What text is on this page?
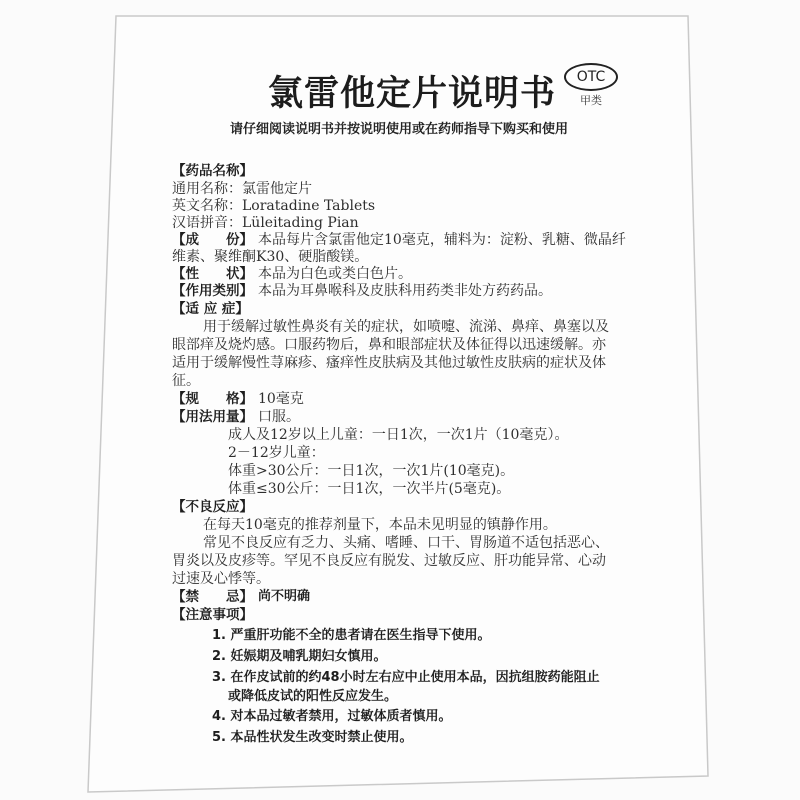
氯雷他定片说明书	OTC
甲类
请仔细阅读说明书并按说明使用或在药师指导下购买和使用
【药品名称】
通用名称：氯雷他定片
英文名称：Loratadine Tablets
汉语拼音：Lüleitading Pian
【成　　份】 本品每片含氯雷他定10毫克，辅料为：淀粉、乳糖、微晶纤
维素、聚维酮K30、硬脂酸镁。
【性　　状】 本品为白色或类白色片。
【作用类别】 本品为耳鼻喉科及皮肤科用药类非处方药药品。
【适 应 症】
用于缓解过敏性鼻炎有关的症状，如喷嚏、流涕、鼻痒、鼻塞以及
眼部痒及烧灼感。口服药物后，鼻和眼部症状及体征得以迅速缓解。亦
适用于缓解慢性荨麻疹、瘙痒性皮肤病及其他过敏性皮肤病的症状及体
征。
【规　　格】 10毫克
【用法用量】 口服。
成人及12岁以上儿童：一日1次，一次1片（10毫克）。
2－12岁儿童：
体重>30公斤：一日1次，一次1片(10毫克)。
体重≤30公斤：一日1次，一次半片(5毫克)。
【不良反应】
在每天10毫克的推荐剂量下，本品未见明显的镇静作用。
常见不良反应有乏力、头痛、嗜睡、口干、胃肠道不适包括恶心、
胃炎以及皮疹等。罕见不良反应有脱发、过敏反应、肝功能异常、心动
过速及心悸等。
【禁　　忌】 尚不明确
【注意事项】
1. 严重肝功能不全的患者请在医生指导下使用。
2. 妊娠期及哺乳期妇女慎用。
3. 在作皮试前的约48小时左右应中止使用本品，因抗组胺药能阻止
或降低皮试的阳性反应发生。
4. 对本品过敏者禁用，过敏体质者慎用。
5. 本品性状发生改变时禁止使用。
